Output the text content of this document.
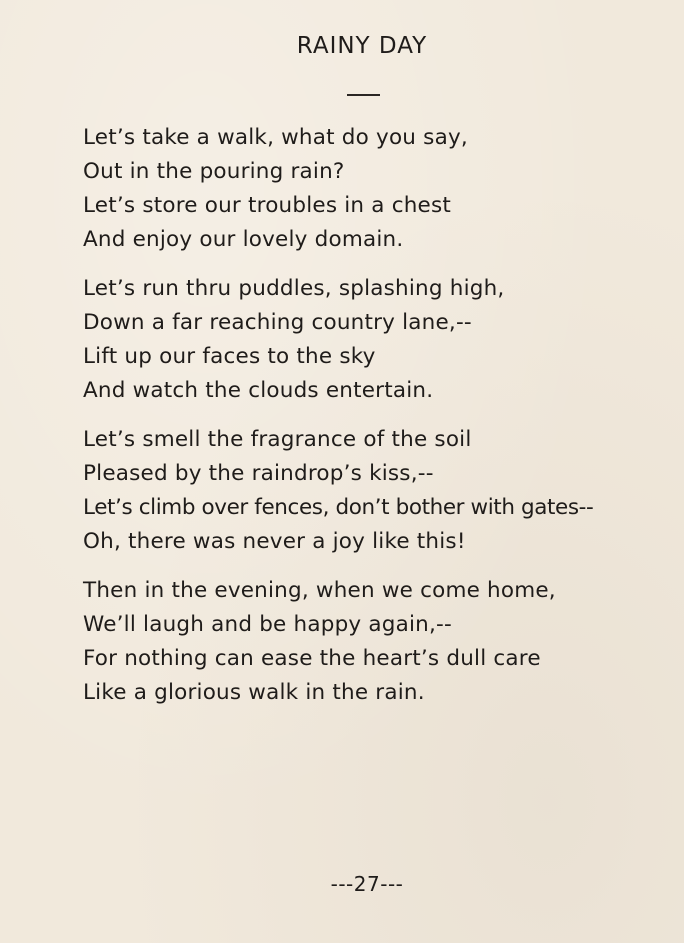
RAINY DAY
Let’s take a walk, what do you say,
Out in the pouring rain?
Let’s store our troubles in a chest
And enjoy our lovely domain.
Let’s run thru puddles, splashing high,
Down a far reaching country lane,--
Lift up our faces to the sky
And watch the clouds entertain.
Let’s smell the fragrance of the soil
Pleased by the raindrop’s kiss,--
Let’s climb over fences, don’t bother with gates--
Oh, there was never a joy like this!
Then in the evening, when we come home,
We’ll laugh and be happy again,--
For nothing can ease the heart’s dull care
Like a glorious walk in the rain.
---27---
